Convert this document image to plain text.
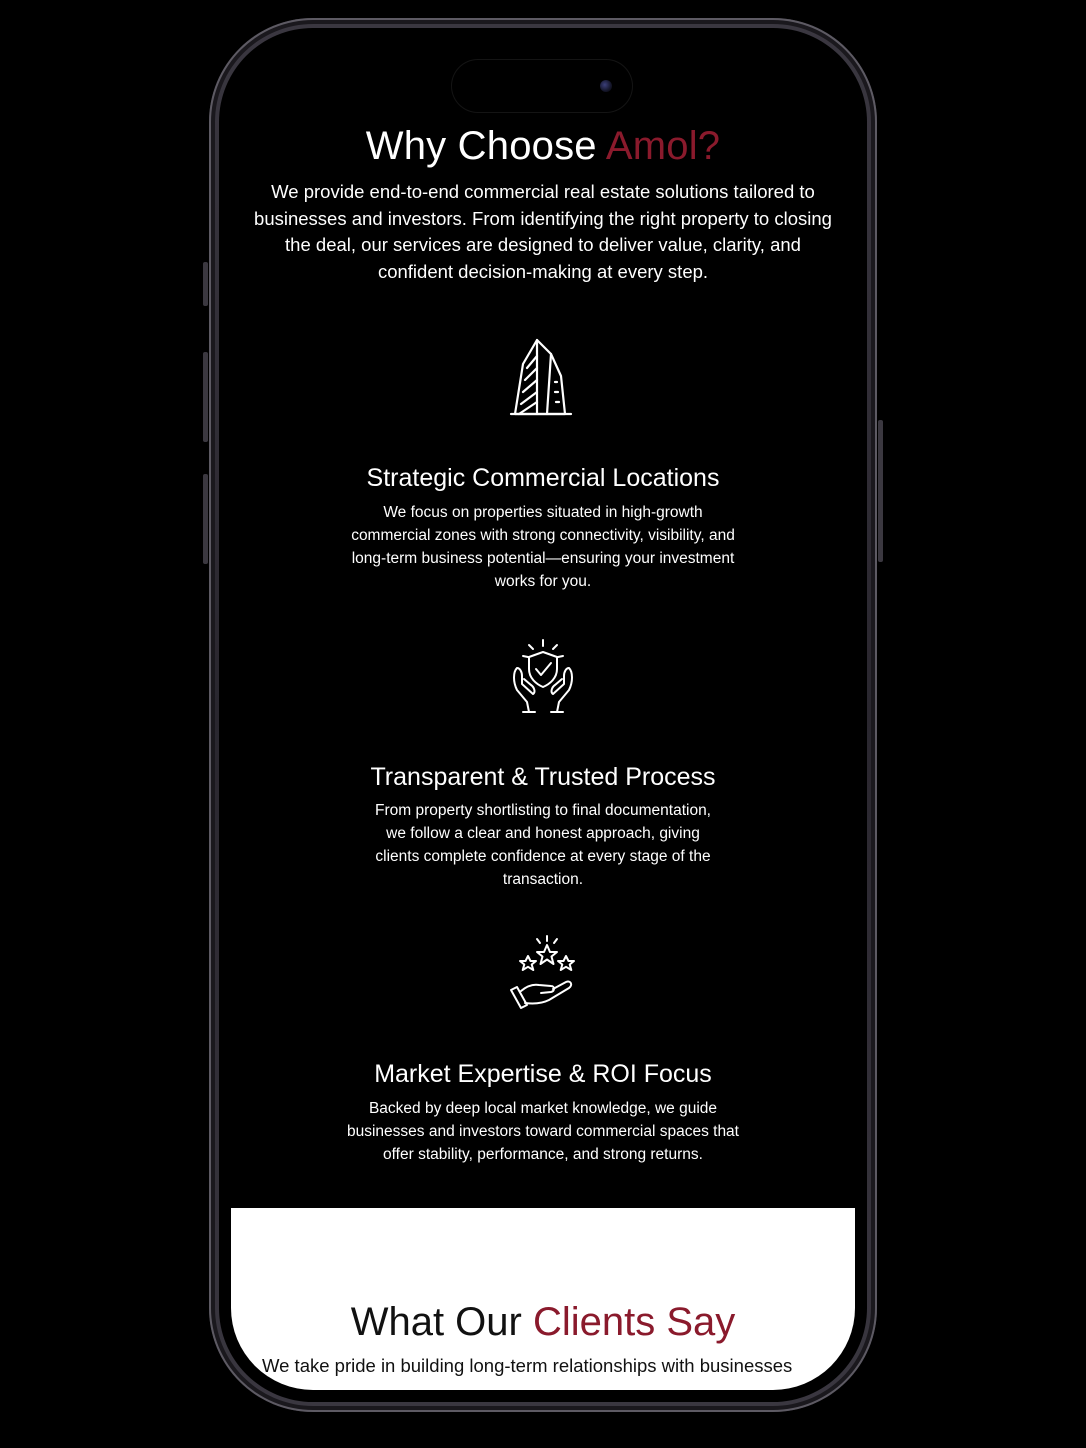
Why Choose Amol?

We provide end-to-end commercial real estate solutions tailored to businesses and investors. From identifying the right property to closing the deal, our services are designed to deliver value, clarity, and confident decision-making at every step.

Strategic Commercial Locations

We focus on properties situated in high-growth commercial zones with strong connectivity, visibility, and long-term business potential—ensuring your investment works for you.

Transparent & Trusted Process

From property shortlisting to final documentation, we follow a clear and honest approach, giving clients complete confidence at every stage of the transaction.

Market Expertise & ROI Focus

Backed by deep local market knowledge, we guide businesses and investors toward commercial spaces that offer stability, performance, and strong returns.

What Our Clients Say

We take pride in building long-term relationships with businesses
